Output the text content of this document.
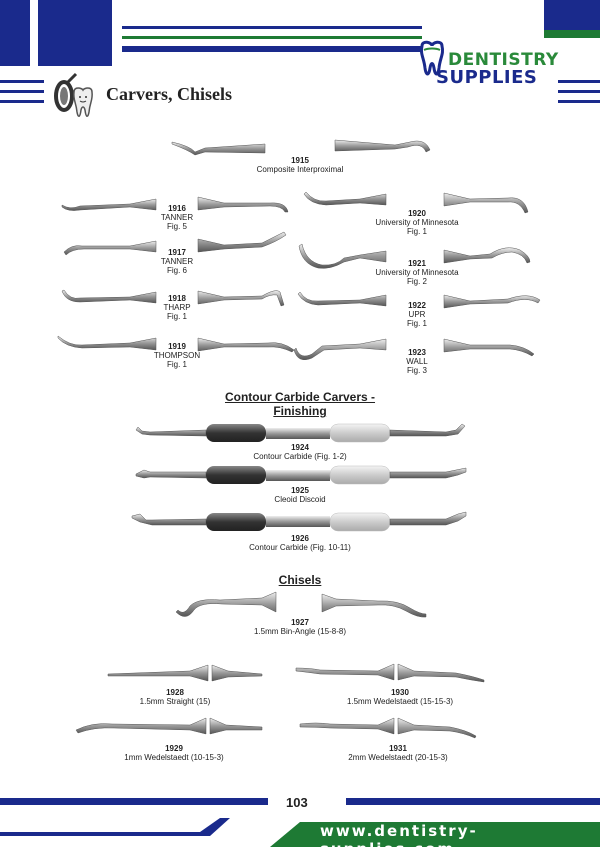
DENTISTRY
SUPPLIES
Carvers, Chisels
1915
Composite Interproximal
1916
TANNER
Fig. 5
1917
TANNER
Fig. 6
1918
THARP
Fig. 1
1919
THOMPSON
Fig. 1
1920
University of Minnesota
Fig. 1
1921
University of Minnesota
Fig. 2
1922
UPR
Fig. 1
1923
WALL
Fig. 3
Contour Carbide Carvers - Finishing
1924
Contour Carbide (Fig. 1-2)
1925
Cleoid Discoid
1926
Contour Carbide (Fig. 10-11)
Chisels
1927
1.5mm Bin-Angle (15-8-8)
1928
1.5mm Straight (15)
1930
1.5mm Wedelstaedt (15-15-3)
1929
1mm Wedelstaedt (10-15-3)
1931
2mm Wedelstaedt (20-15-3)
103
www.dentistry-supplies.com
